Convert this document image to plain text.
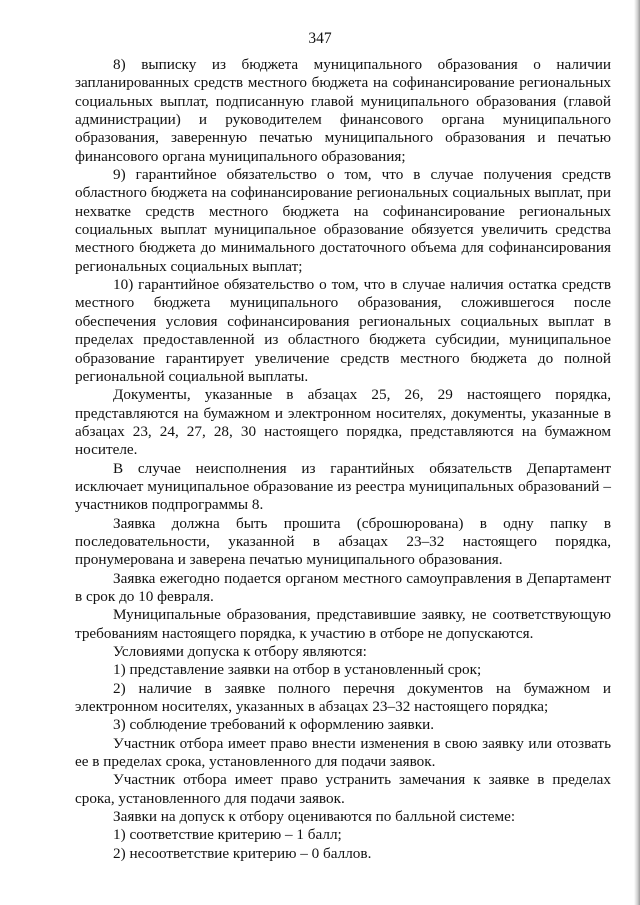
347

8) выписку из бюджета муниципального образования о наличии запланированных средств местного бюджета на софинансирование региональных социальных выплат, подписанную главой муниципального образования (главой администрации) и руководителем финансового органа муниципального образования, заверенную печатью муниципального образования и печатью финансового органа муниципального образования;

9) гарантийное обязательство о том, что в случае получения средств областного бюджета на софинансирование региональных социальных выплат, при нехватке средств местного бюджета на софинансирование региональных социальных выплат муниципальное образование обязуется увеличить средства местного бюджета до минимального достаточного объема для софинансирования региональных социальных выплат;

10) гарантийное обязательство о том, что в случае наличия остатка средств местного бюджета муниципального образования, сложившегося после обеспечения условия софинансирования региональных социальных выплат в пределах предоставленной из областного бюджета субсидии, муниципальное образование гарантирует увеличение средств местного бюджета до полной региональной социальной выплаты.

Документы, указанные в абзацах 25, 26, 29 настоящего порядка, представляются на бумажном и электронном носителях, документы, указанные в абзацах 23, 24, 27, 28, 30 настоящего порядка, представляются на бумажном носителе.

В случае неисполнения из гарантийных обязательств Департамент исключает муниципальное образование из реестра муниципальных образований – участников подпрограммы 8.

Заявка должна быть прошита (сброшюрована) в одну папку в последовательности, указанной в абзацах 23–32 настоящего порядка, пронумерована и заверена печатью муниципального образования.

Заявка ежегодно подается органом местного самоуправления в Департамент в срок до 10 февраля.

Муниципальные образования, представившие заявку, не соответствующую требованиям настоящего порядка, к участию в отборе не допускаются.

Условиями допуска к отбору являются:

1) представление заявки на отбор в установленный срок;

2) наличие в заявке полного перечня документов на бумажном и электронном носителях, указанных в абзацах 23–32 настоящего порядка;

3) соблюдение требований к оформлению заявки.

Участник отбора имеет право внести изменения в свою заявку или отозвать ее в пределах срока, установленного для подачи заявок.

Участник отбора имеет право устранить замечания к заявке в пределах срока, установленного для подачи заявок.

Заявки на допуск к отбору оцениваются по балльной системе:

1) соответствие критерию – 1 балл;

2) несоответствие критерию – 0 баллов.
